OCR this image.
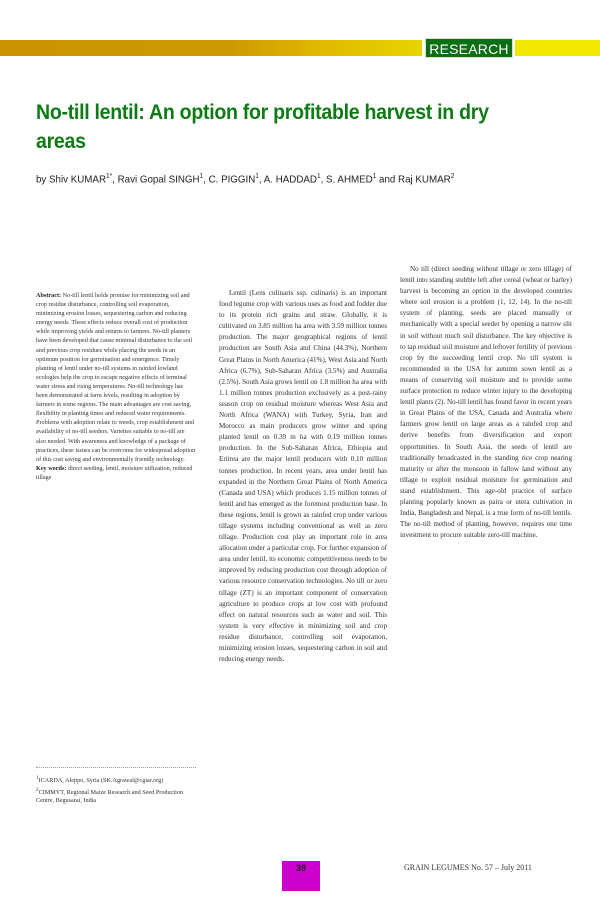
RESEARCH
No-till lentil: An option for profitable harvest in dry areas
by Shiv $KUMAR^{1*}$, Ravi Gopal SINGH$^1$, C. PIGGIN$^1$, A. HADDAD$^1$, S. AHMED$^1$ and Raj KUMAR$^2$
Abstract: No-till lentil holds promise for minimizing soil and crop residue disturbance, controlling soil evaporation, minimizing erosion losses, sequestering carbon and reducing energy needs. These effects reduce overall cost of production while improving yields and returns to farmers. No-till planters have been developed that cause minimal disturbance to the soil and previous crop residues while placing the seeds in an optimum position for germination and emergence. Timely planting of lentil under no-till systems in rainfed lowland ecologies help the crop to escape negative effects of terminal water stress and rising temperatures. No-till technology has been demonstrated at farm levels, resulting in adoption by farmers in some regions. The main advantages are cost saving, flexibility in planting times and reduced water requirements. Problems with adoption relate to weeds, crop establishment and availability of no-till seeders. Varieties suitable to no-till are also needed. With awareness and knowledge of a package of practices, these issues can be overcome for widespread adoption of this cost saving and environmentally friendly technology.
Key words: direct seeding, lentil, moisture utilization, reduced tillage
$^1$ICARDA, Aleppo, Syria (SK.Agrawal@cgiar.org)
$^2$CIMMYT, Regional Maize Research and Seed Production Centre, Begusarai, India

Lentil (Lens culinaris ssp. culinaris) is an important food legume crop with various uses as food and fodder due to its protein rich grains and straw. Globally, it is cultivated on 3.85 million ha area with 3.59 million tonnes production. The major geographical regions of lentil production are South Asia and China (44.3%), Northern Great Plains in North America (41%), West Asia and North Africa (6.7%), Sub-Saharan Africa (3.5%) and Australia (2.5%). South Asia grows lentil on 1.8 million ha area with 1.1 million tonnes production exclusively as a post-rainy season crop on residual moisture whereas West Asia and North Africa (WANA) with Turkey, Syria, Iran and Morocco as main producers grow winter and spring planted lentil on 0.39 m ha with 0.19 million tonnes production. In the Sub-Saharan Africa, Ethiopia and Eritrea are the major lentil producers with 0.10 million tonnes production. In recent years, area under lentil has expanded in the Northern Great Plains of North America (Canada and USA) which produces 1.15 million tonnes of lentil and has emerged as the foremost production base. In these regions, lentil is grown as rainfed crop under various tillage systems including conventional as well as zero tillage. Production cost play an important role in area allocation under a particular crop. For further expansion of area under lentil, its economic competitiveness needs to be improved by reducing production cost through adoption of various resource conservation technologies. No till or zero tillage (ZT) is an important component of conservation agriculture to produce crops at low cost with profound effect on natural resources such as water and soil. This system is very effective in minimizing soil and crop residue disturbance, controlling soil evaporation, minimizing erosion losses, sequestering carbon in soil and reducing energy needs.

No till (direct seeding without tillage or zero tillage) of lentil into standing stubble left after cereal (wheat or barley) harvest is becoming an option in the developed countries where soil erosion is a problem (1, 12, 14). In the no-till system of planting, seeds are placed manually or mechanically with a special seeder by opening a narrow slit in soil without much soil disturbance. The key objective is to tap residual soil moisture and leftover fertility of previous crop by the succeeding lentil crop. No till system is recommended in the USA for autumn sown lentil as a means of conserving soil moisture and to provide some surface protection to reduce winter injury to the developing lentil plants (2). No-till lentil has found favor in recent years in Great Plains of the USA, Canada and Australia where farmers grow lentil on large areas as a rainfed crop and derive benefits from diversification and export opportunities. In South Asia, the seeds of lentil are traditionally broadcasted in the standing rice crop nearing maturity or after the monsoon in fallow land without any tillage to exploit residual moisture for germination and stand establishment. This age-old practice of surface planting popularly known as paira or utera cultivation in India, Bangladesh and Nepal, is a true form of no-till lentils. The no-till method of planting, however, requires one time investment to procure suitable zero-till machine.

39	GRAIN LEGUMES No. 57 – July 2011
